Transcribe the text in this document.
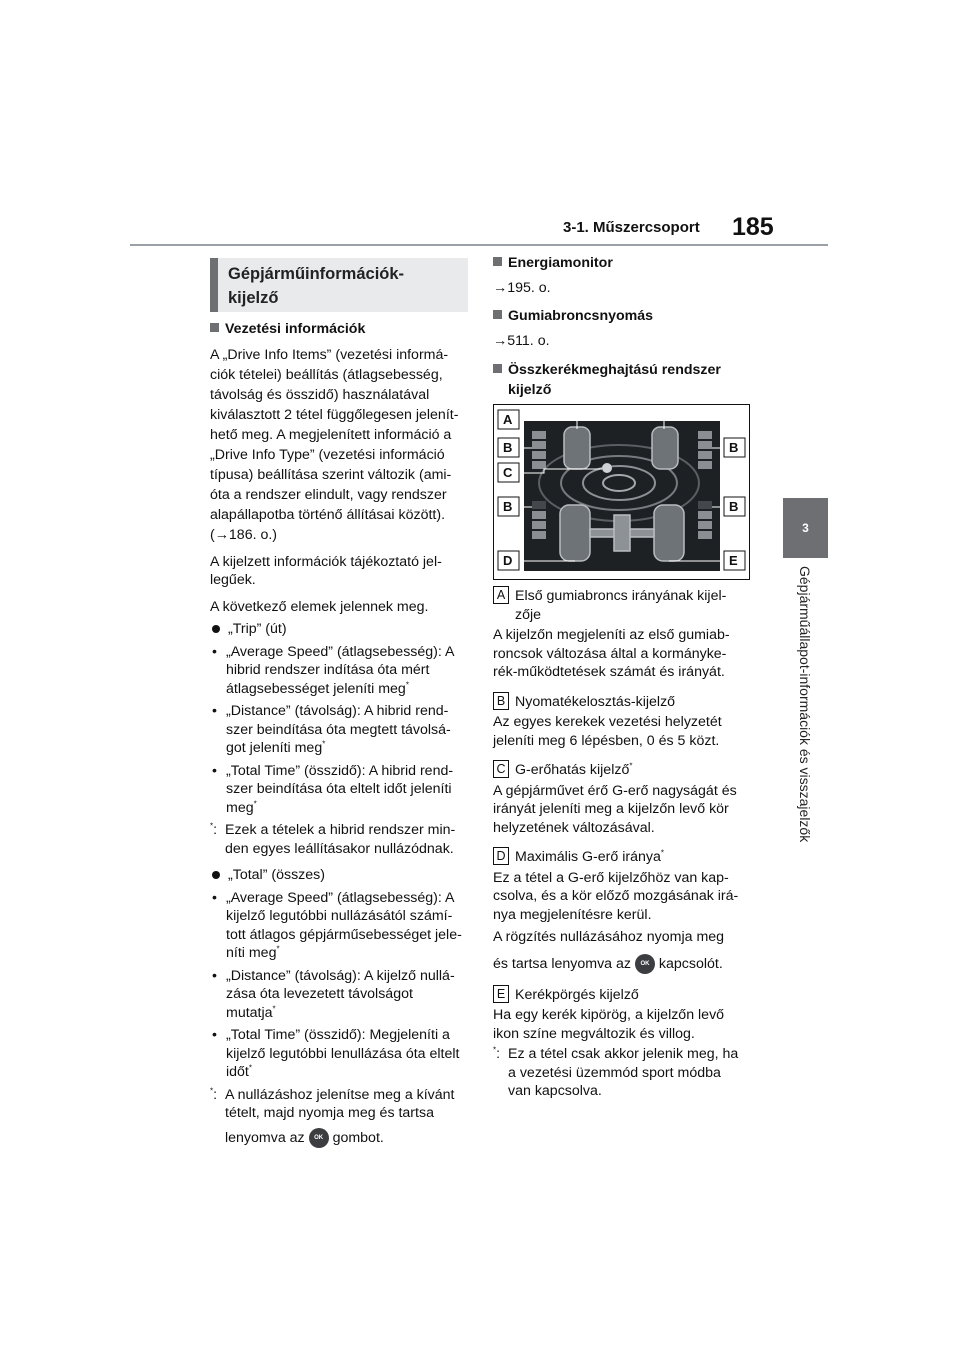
3-1. Műszercsoport 185
3
Gépjárműállapot-információk és visszajelzők
Gépjárműinformációk-
kijelző

Vezetési információk

A „Drive Info Items” (vezetési informá-
ciók tételei) beállítás (átlagsebesség,
távolság és összidő) használatával
kiválasztott 2 tétel függőlegesen jelenít-
hető meg. A megjelenített információ a
„Drive Info Type” (vezetési információ
típusa) beállítása szerint változik (ami-
óta a rendszer elindult, vagy rendszer
alapállapotba történő állításai között).
(→186. o.)

A kijelzett információk tájékoztató jel-
legűek.

A következő elemek jelennek meg.

„Trip” (út)
• „Average Speed” (átlagsebesség): A
hibrid rendszer indítása óta mért
átlagsebességet jeleníti meg*
• „Distance” (távolság): A hibrid rend-
szer beindítása óta megtett távolsá-
got jeleníti meg*
• „Total Time” (összidő): A hibrid rend-
szer beindítása óta eltelt időt jeleníti
meg*
*: Ezek a tételek a hibrid rendszer min-
den egyes leállításakor nullázódnak.
„Total” (összes)
• „Average Speed” (átlagsebesség): A
kijelző legutóbbi nullázásától számí-
tott átlagos gépjárműsebességet jele-
níti meg*
• „Distance” (távolság): A kijelző nullá-
zása óta levezetett távolságot
mutatja*
• „Total Time” (összidő): Megjeleníti a
kijelző legutóbbi lenullázása óta eltelt
időt*
*: A nullázáshoz jelenítse meg a kívánt
tételt, majd nyomja meg és tartsa
lenyomva az OK gombot.

Energiamonitor

→195. o.

Gumiabroncsnyomás

→511. o.

Összkerékmeghajtású rendszer
kijelző

A
B	B
C
B	B
D	E
A Első gumiabroncs irányának kijel-
zője

A kijelzőn megjeleníti az első gumiab-
roncsok változása által a kormányke-
rék-működtetések számát és irányát.

B Nyomatékelosztás-kijelző

Az egyes kerekek vezetési helyzetét
jeleníti meg 6 lépésben, 0 és 5 közt.

C G-erőhatás kijelző*

A gépjárművet érő G-erő nagyságát és
irányát jeleníti meg a kijelzőn levő kör
helyzetének változásával.

D Maximális G-erő iránya*

Ez a tétel a G-erő kijelzőhöz van kap-
csolva, és a kör előző mozgásának irá-
nya megjelenítésre kerül.
A rögzítés nullázásához nyomja meg
és tartsa lenyomva az OK kapcsolót.

E Kerékpörgés kijelző

Ha egy kerék kipörög, a kijelzőn levő
ikon színe megváltozik és villog.

*: Ez a tétel csak akkor jelenik meg, ha
a vezetési üzemmód sport módba
van kapcsolva.
